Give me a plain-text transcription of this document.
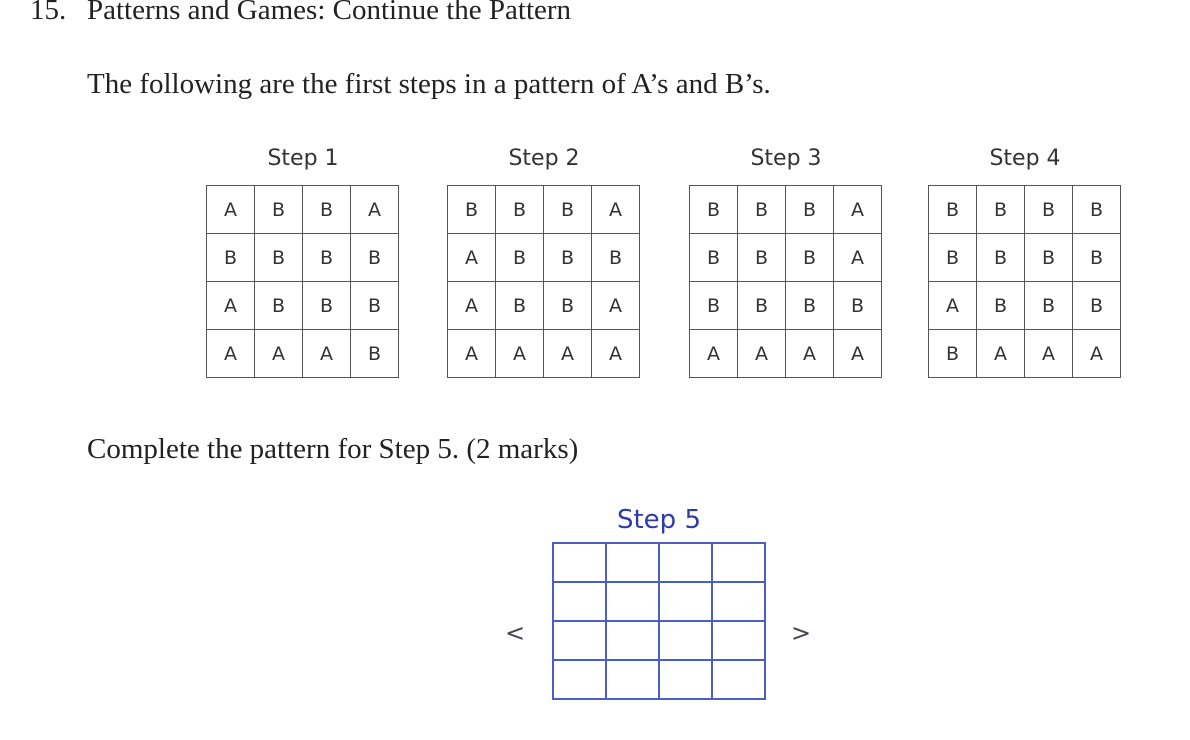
15. Patterns and Games: Continue the Pattern
The following are the first steps in a pattern of A’s and B’s.
Step 1
A	B	B	A
B	B	B	B
A	B	B	B
A	A	A	B
Step 2
B	B	B	A
A	B	B	B
A	B	B	A
A	A	A	A
Step 3
B	B	B	A
B	B	B	A
B	B	B	B
A	A	A	A
Step 4
B	B	B	B
B	B	B	B
A	B	B	B
B	A	A	A
Complete the pattern for Step 5. (2 marks)
Step 5

<	>
